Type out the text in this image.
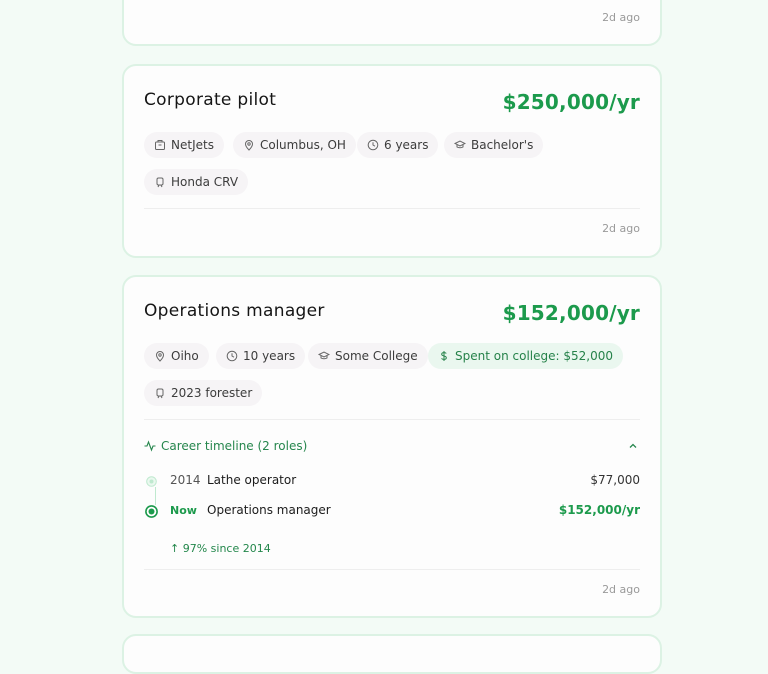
2d ago
Corporate pilot	$250,000/yr
NetJets	Columbus, OH	6 years	Bachelor's
Honda CRV
2d ago
Operations manager	$152,000/yr
Oiho	10 years	Some College	Spent on college: $52,000
2023 forester
Career timeline (2 roles)
2014 Lathe operator	$77,000
Now Operations manager	$152,000/yr
↑ 97% since 2014
2d ago
